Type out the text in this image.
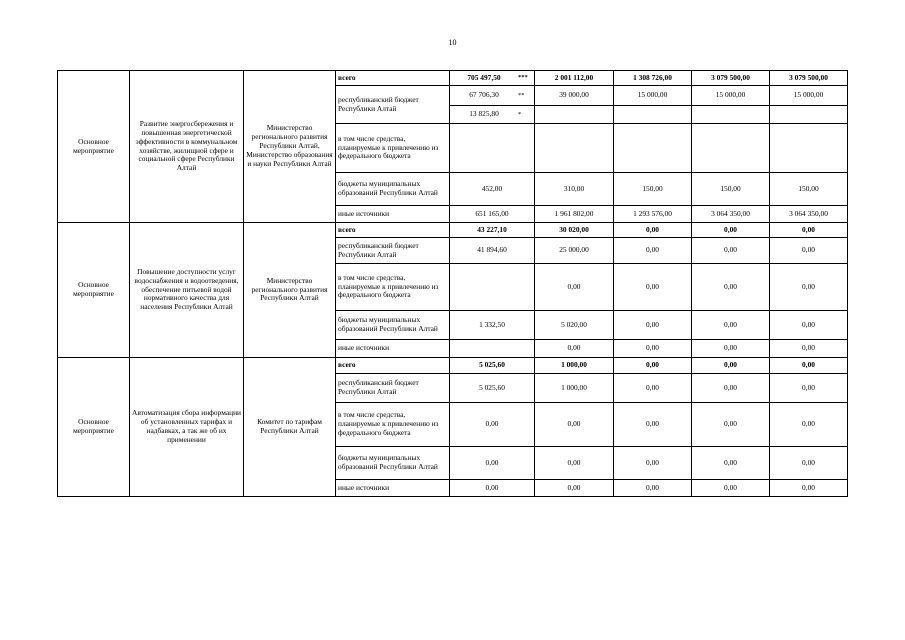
10
Основное мероприятие	Развитие энергосбережения и повышенная энергетической эффективности в коммунальном хозяйстве, жилищной сфере и социальной сфере Республики Алтай	Министерство регионального развития Республики Алтай, Министерство образования и науки Республики Алтай	всего	705 497,50 ***	2 001 112,00	1 308 726,00	3 079 500,00	3 079 500,00
			республиканский бюджет Республики Алтай	67 706,30 **	39 000,00	15 000,00	15 000,00	15 000,00

				13 825,80 *				

			в том числе средства, планируемые к привлечению из федерального бюджета					
			бюджеты муниципальных образований Республики Алтай	452,00	310,00	150,00	150,00	150,00
			иные источники	651 165,00	1 961 802,00	1 293 576,00	3 064 350,00	3 064 350,00
Основное мероприятие	Повышение доступности услуг водоснабжения и водоотведения, обеспечение питьевой водой нормативного качества для населения Республики Алтай	Министерство регионального развития Республики Алтай	всего	43 227,10	30 020,00	0,00	0,00	0,00
			республиканский бюджет Республики Алтай	41 894,60	25 000,00	0,00	0,00	0,00
			в том числе средства, планируемые к привлечению из федерального бюджета		0,00	0,00	0,00	0,00
			бюджеты муниципальных образований Республики Алтай	1 332,50	5 020,00	0,00	0,00	0,00
			иные источники		0,00	0,00	0,00	0,00
Основное мероприятие	Автоматизация сбора информации об установленных тарифах и надбавках, а так же об их применении	Комитет по тарифам Республики Алтай	всего	5 025,60	1 000,00	0,00	0,00	0,00
			республиканский бюджет Республики Алтай	5 025,60	1 000,00	0,00	0,00	0,00
			в том числе средства, планируемые к привлечению из федерального бюджета	0,00	0,00	0,00	0,00	0,00
			бюджеты муниципальных образований Республики Алтай	0,00	0,00	0,00	0,00	0,00
			иные источники	0,00	0,00	0,00	0,00	0,00
